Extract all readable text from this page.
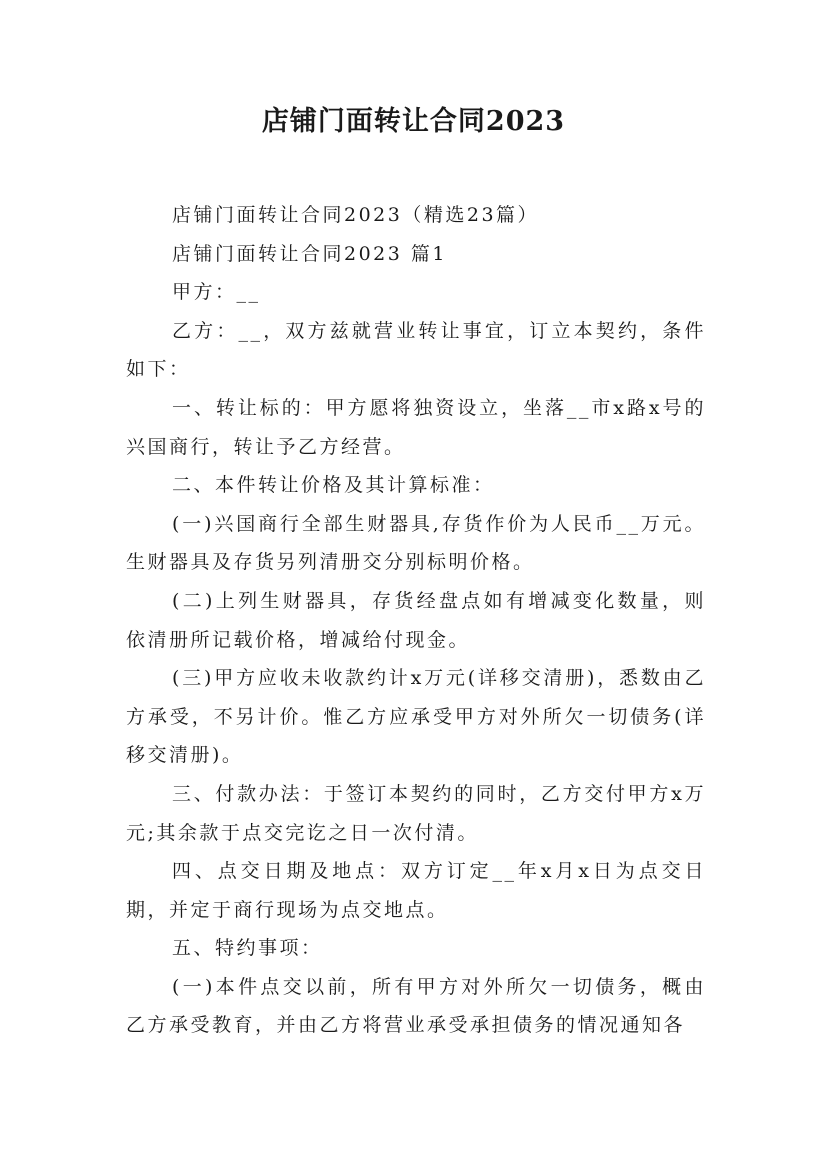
店铺门面转让合同2023

店铺门面转让合同2023（精选23篇）

店铺门面转让合同2023 篇1

甲方：__

乙方：__，双方兹就营业转让事宜，订立本契约，条件如下：

一、转让标的：甲方愿将独资设立，坐落__市x路x号的兴国商行，转让予乙方经营。

二、本件转让价格及其计算标准：

(一)兴国商行全部生财器具,存货作价为人民币__万元。生财器具及存货另列清册交分别标明价格。

(二)上列生财器具，存货经盘点如有增减变化数量，则依清册所记载价格，增减给付现金。

(三)甲方应收未收款约计x万元(详移交清册)，悉数由乙方承受，不另计价。惟乙方应承受甲方对外所欠一切债务(详移交清册)。

三、付款办法：于签订本契约的同时，乙方交付甲方x万元;其余款于点交完讫之日一次付清。

四、点交日期及地点：双方订定__年x月x日为点交日期，并定于商行现场为点交地点。

五、特约事项：

(一)本件点交以前，所有甲方对外所欠一切债务，概由乙方承受教育，并由乙方将营业承受承担债务的情况通知各
